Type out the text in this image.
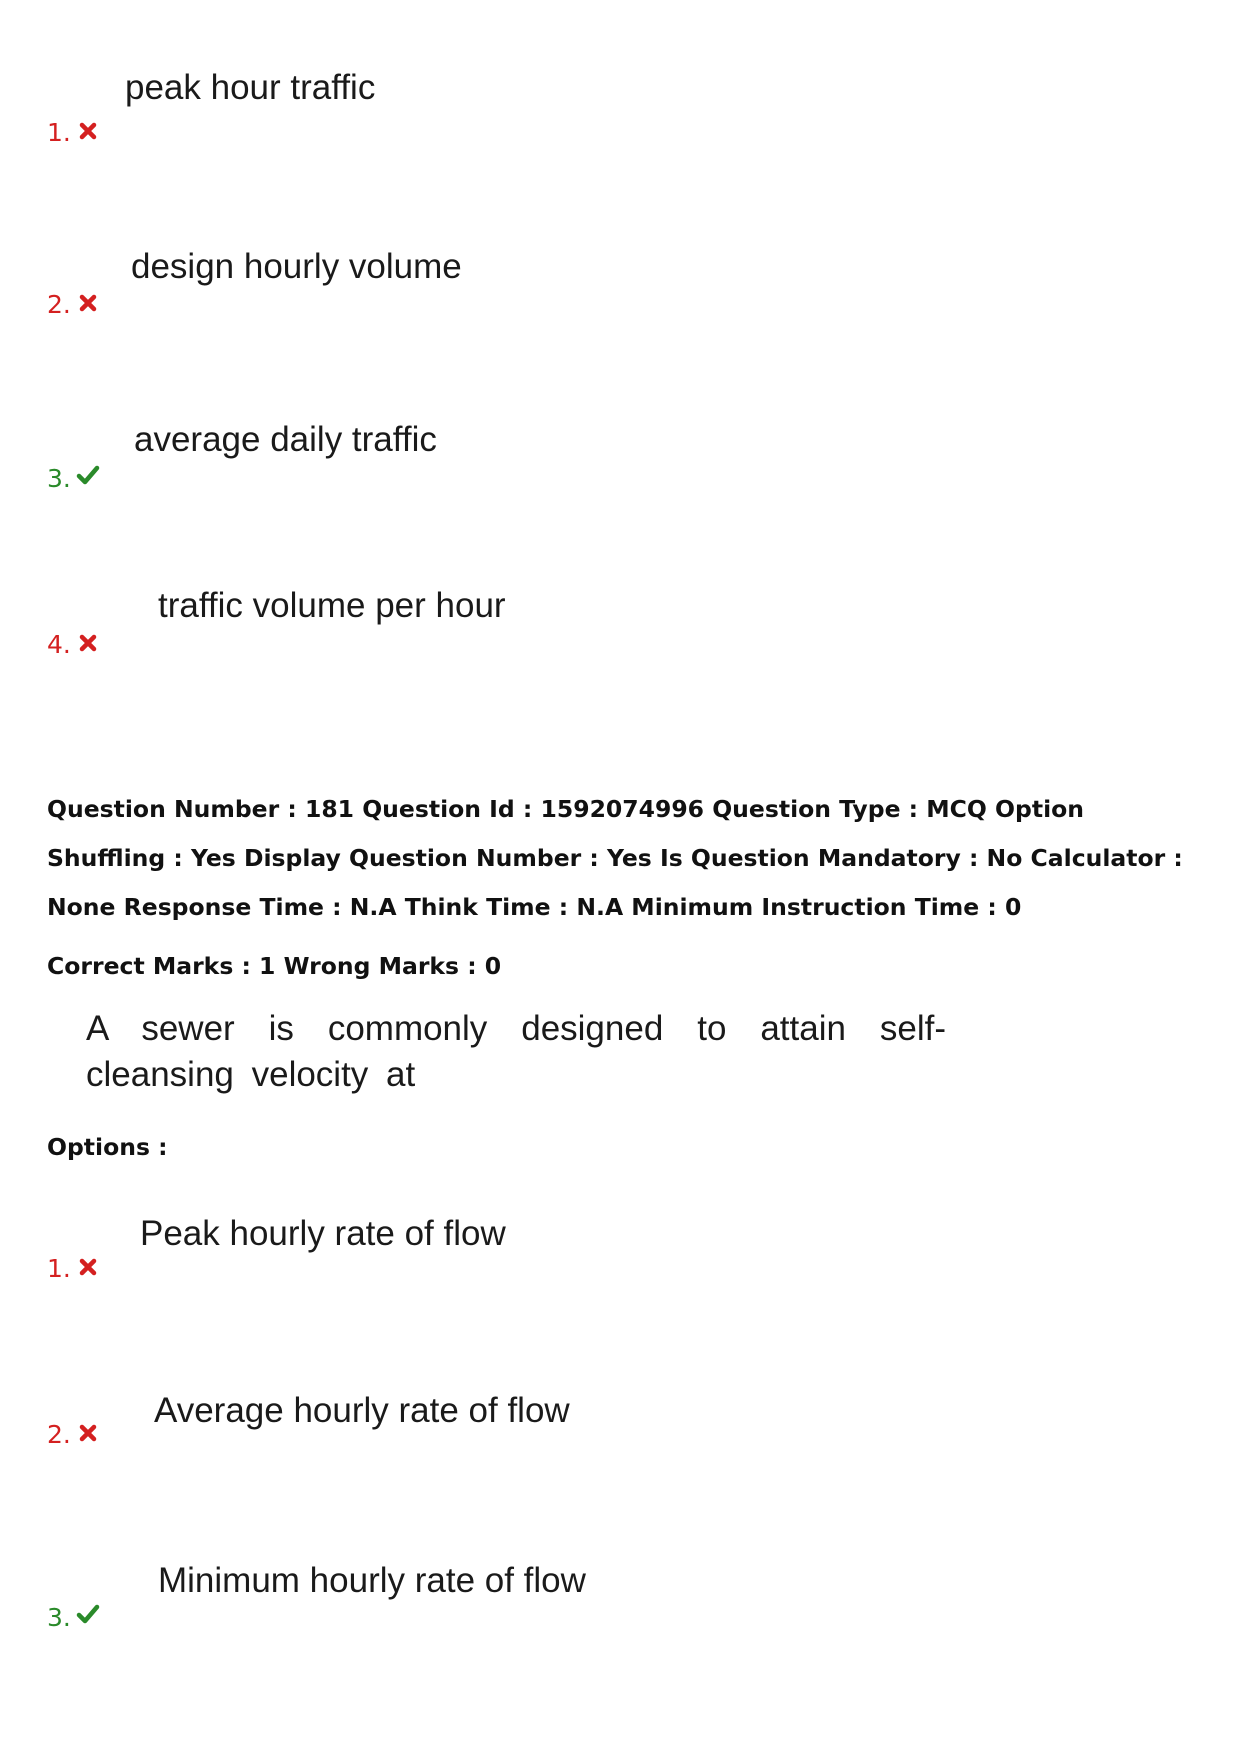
peak hour traffic
1.
design hourly volume
2.
average daily traffic
3.
traffic volume per hour
4.
Question Number : 181 Question Id : 1592074996 Question Type : MCQ Option Shuffling : Yes Display Question Number : Yes Is Question Mandatory : No Calculator : None Response Time : N.A Think Time : N.A Minimum Instruction Time : 0
Correct Marks : 1 Wrong Marks : 0
A sewer is commonly designed to attain self-cleansing velocity at
Options :
Peak hourly rate of flow
1.
Average hourly rate of flow
2.
Minimum hourly rate of flow
3.
